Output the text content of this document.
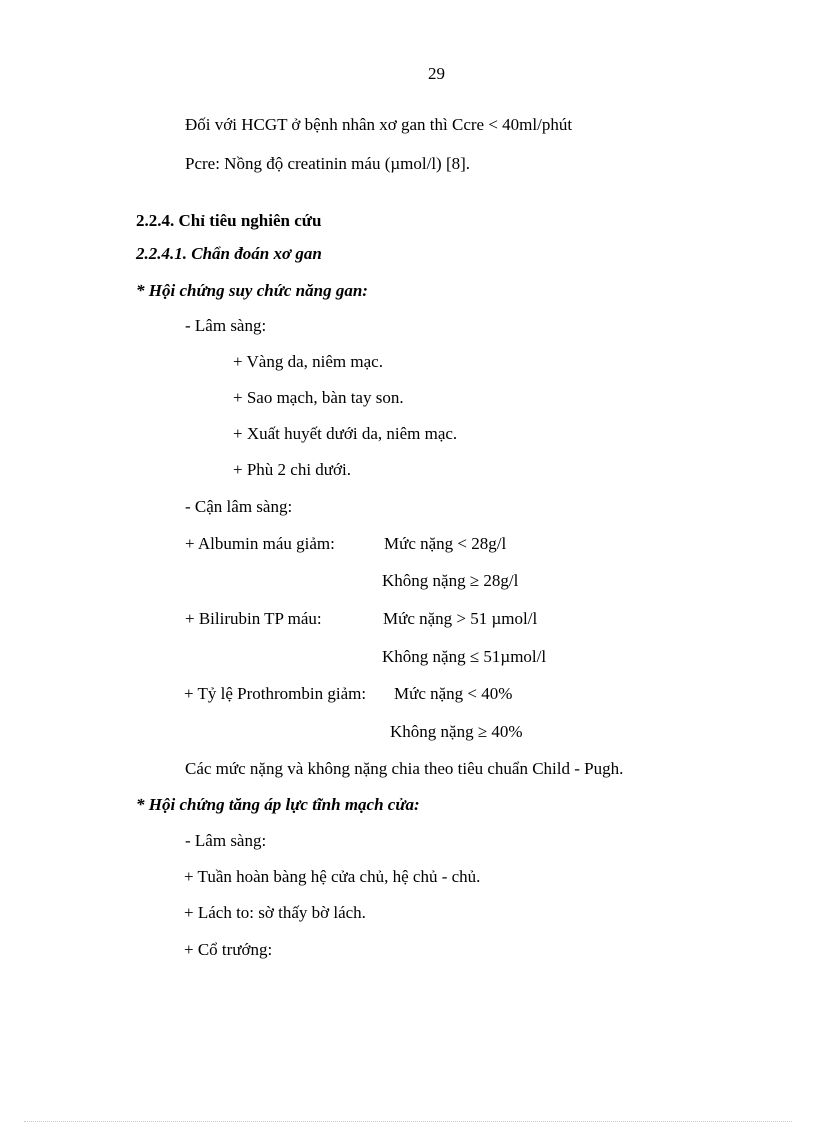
29
Đối với HCGT ở bệnh nhân xơ gan thì Ccre < 40ml/phút
Pcre: Nồng độ creatinin máu (µmol/l) [8].
2.2.4. Chỉ tiêu nghiên cứu
2.2.4.1. Chẩn đoán xơ gan
* Hội chứng suy chức năng gan:
- Lâm sàng:
+ Vàng da, niêm mạc.
+ Sao mạch, bàn tay son.
+ Xuất huyết dưới da, niêm mạc.
+ Phù 2 chi dưới.
- Cận lâm sàng:
+ Albumin máu giảm:	Mức nặng < 28g/l
Không nặng ≥ 28g/l
+ Bilirubin TP máu:	Mức nặng > 51 µmol/l
Không nặng ≤ 51µmol/l
+ Tỷ lệ Prothrombin giảm: Mức nặng < 40%
Không nặng ≥ 40%
Các mức nặng và không nặng chia theo tiêu chuẩn Child - Pugh.
* Hội chứng tăng áp lực tĩnh mạch cửa:
- Lâm sàng:
+ Tuần hoàn bàng hệ cửa chủ, hệ chủ - chủ.
+ Lách to: sờ thấy bờ lách.
+ Cổ trướng:
